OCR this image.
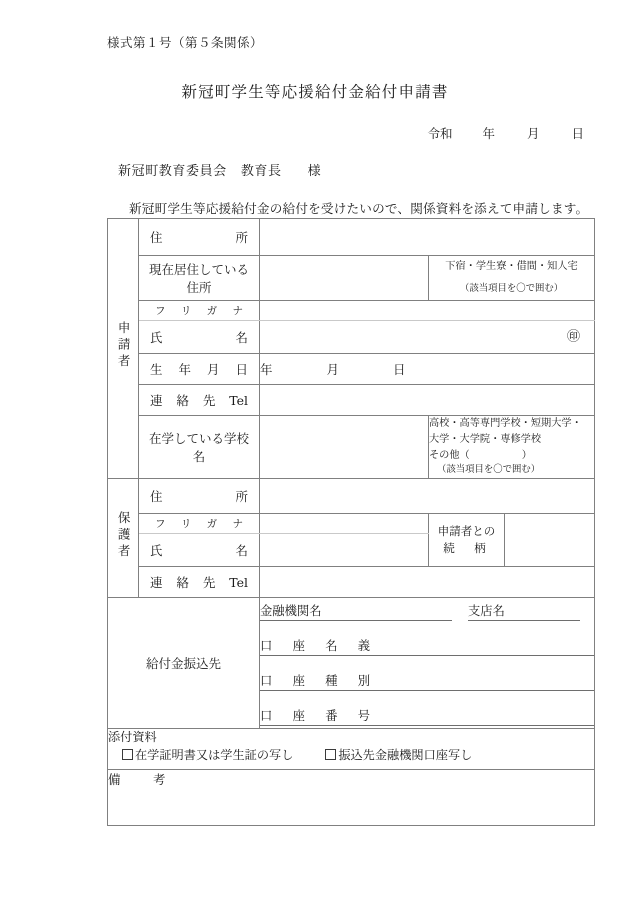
様式第１号（第５条関係）
新冠町学生等応援給付金給付申請書
令和 年	月	日
新冠町教育委員会 教育長 様
新冠町学生等応援給付金の給付を受けたいので、関係資料を添えて申請します。
申請者	住　　　　所			

	現在居住している住所		下宿・学生寮・借間・知人宅
（該当項目を〇で囲む）	

	フ　リ　ガ　ナ			

	氏　　　　名	㊞		

	生　年　月　日	年 月 日		

	連　絡　先　Tel			

	在学している学校名		高校・高等専門学校・短期大学・
大学・大学院・専修学校
その他（ ）
（該当項目を〇で囲む）	

保護者	住　　　　所			

	フ　リ　ガ　ナ		申請者との
続　柄	

	氏　　　　名			

	連　絡　先　Tel			

給付金振込先		金融機関名 支店名
口　座　名　義
口　座　種　別
口　座　番　号		

添付資料
在学証明書又は学生証の写し 振込先金融機関口座写し				

備　考				
